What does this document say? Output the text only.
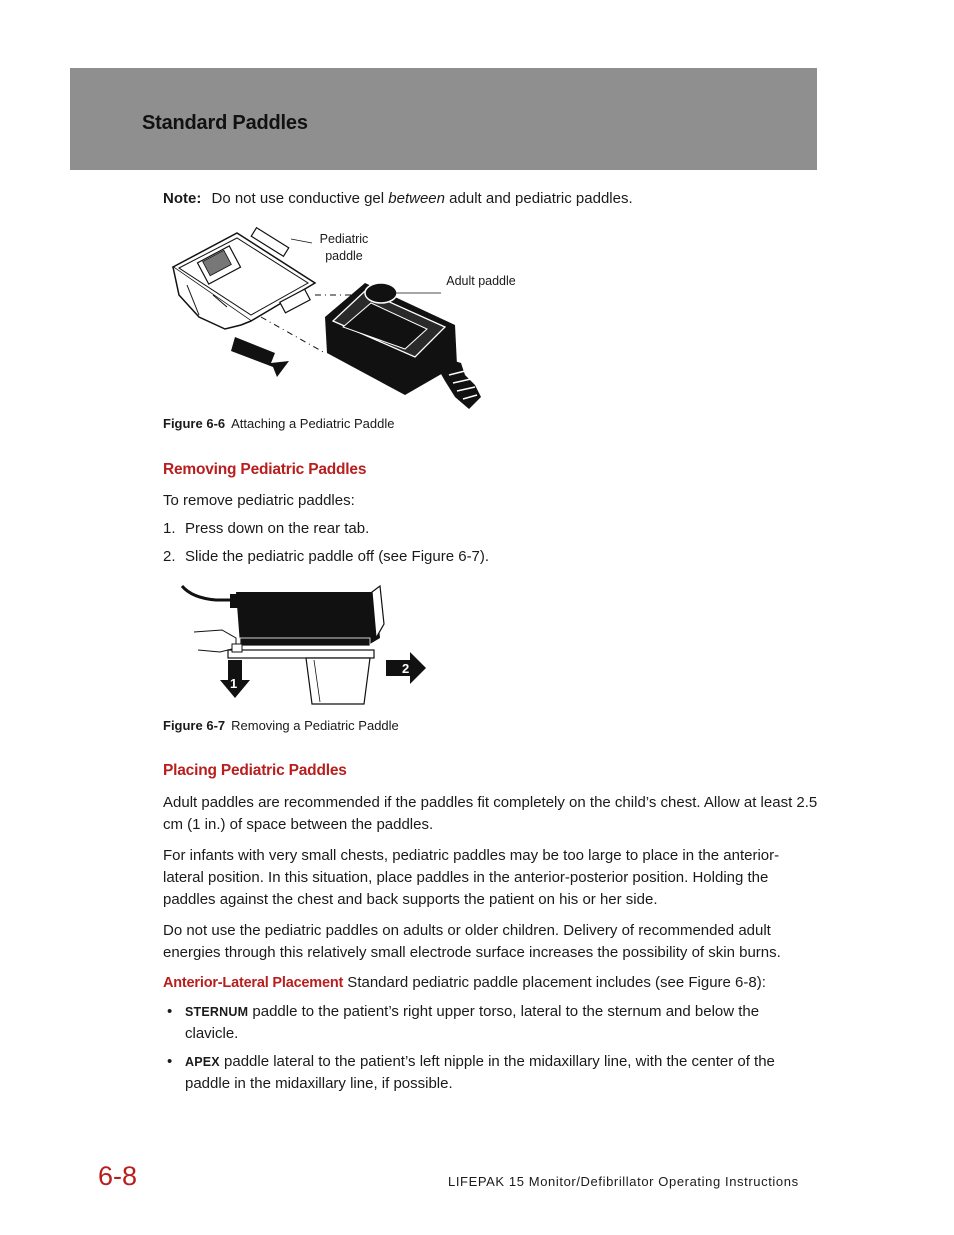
Standard Paddles
Note: Do not use conductive gel between adult and pediatric paddles.
Pediatric paddle
Adult paddle
Figure 6-6 Attaching a Pediatric Paddle
Removing Pediatric Paddles

To remove pediatric paddles:

1. Press down on the rear tab.
2. Slide the pediatric paddle off (see Figure 6-7).
1
2
Figure 6-7 Removing a Pediatric Paddle
Placing Pediatric Paddles

Adult paddles are recommended if the paddles fit completely on the child’s chest. Allow at least 2.5 cm (1 in.) of space between the paddles.

For infants with very small chests, pediatric paddles may be too large to place in the anterior-lateral position. In this situation, place paddles in the anterior-posterior position. Holding the paddles against the chest and back supports the patient on his or her side.

Do not use the pediatric paddles on adults or older children. Delivery of recommended adult energies through this relatively small electrode surface increases the possibility of skin burns.

Anterior-Lateral Placement Standard pediatric paddle placement includes (see Figure 6-8):
•	STERNUM paddle to the patient’s right upper torso, lateral to the sternum and below the clavicle.
•	APEX paddle lateral to the patient’s left nipple in the midaxillary line, with the center of the paddle in the midaxillary line, if possible.
6-8	LIFEPAK 15 Monitor/Defibrillator Operating Instructions
